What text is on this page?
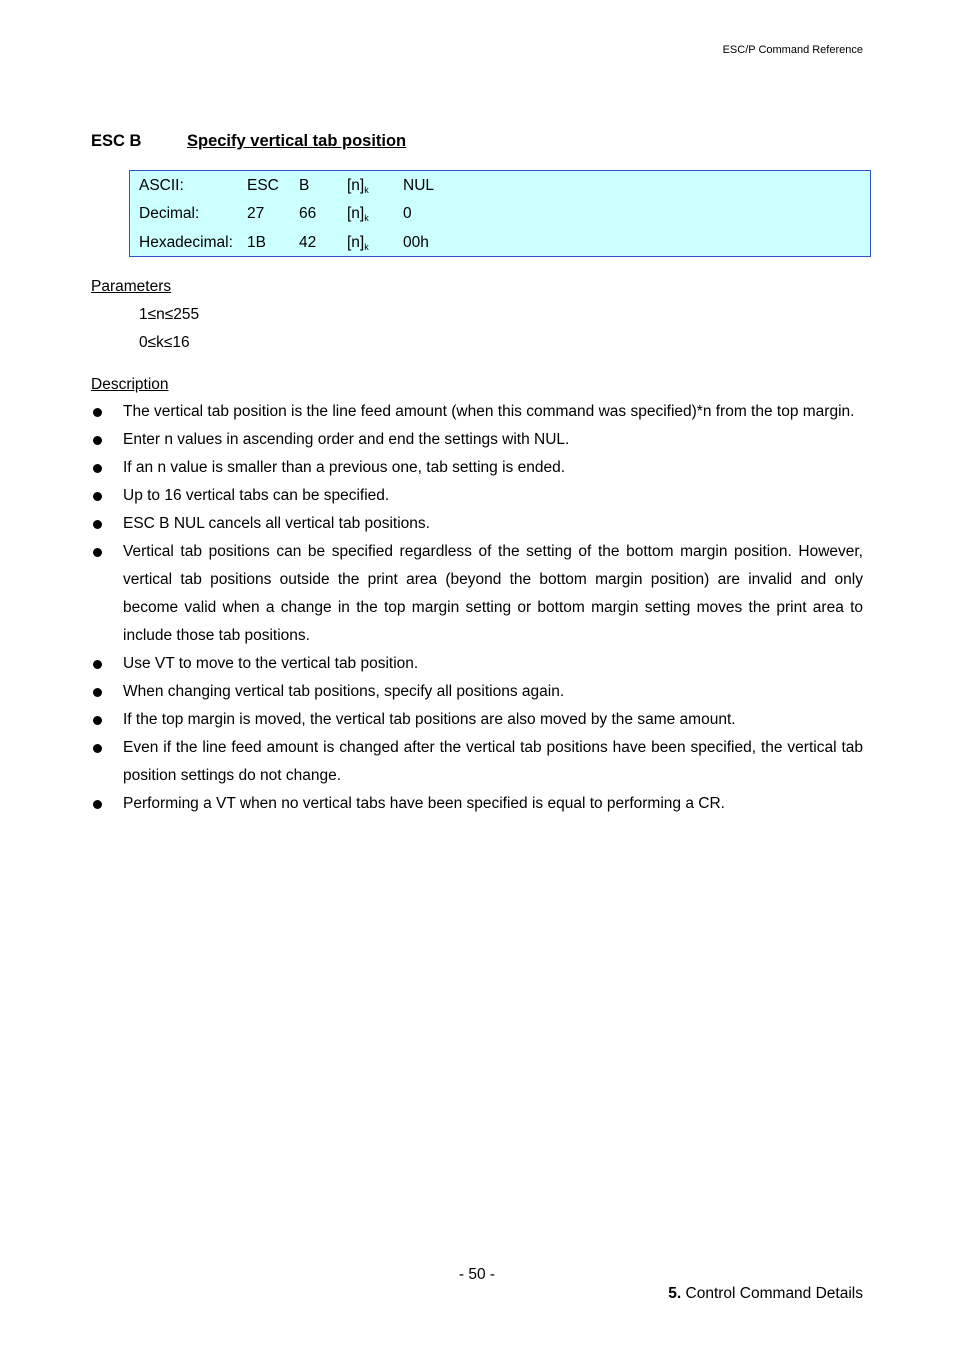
ESC/P Command Reference
ESC B	Specify vertical tab position
ASCII:	ESC B $[n]_k$ NUL
Decimal:	27 66 $[n]_k$ 0
Hexadecimal: 1B 42 $[n]_k$ 00h
Parameters
1≤n≤255
0≤k≤16
Description
The vertical tab position is the line feed amount (when this command was specified)*n from the top margin.
Enter n values in ascending order and end the settings with NUL.
If an n value is smaller than a previous one, tab setting is ended.
Up to 16 vertical tabs can be specified.
ESC B NUL cancels all vertical tab positions.
Vertical tab positions can be specified regardless of the setting of the bottom margin position. However, vertical tab positions outside the print area (beyond the bottom margin position) are invalid and only become valid when a change in the top margin setting or bottom margin setting moves the print area to include those tab positions.
Use VT to move to the vertical tab position.
When changing vertical tab positions, specify all positions again.
If the top margin is moved, the vertical tab positions are also moved by the same amount.
Even if the line feed amount is changed after the vertical tab positions have been specified, the vertical tab position settings do not change.
Performing a VT when no vertical tabs have been specified is equal to performing a CR.
- 50 -
5. Control Command Details
